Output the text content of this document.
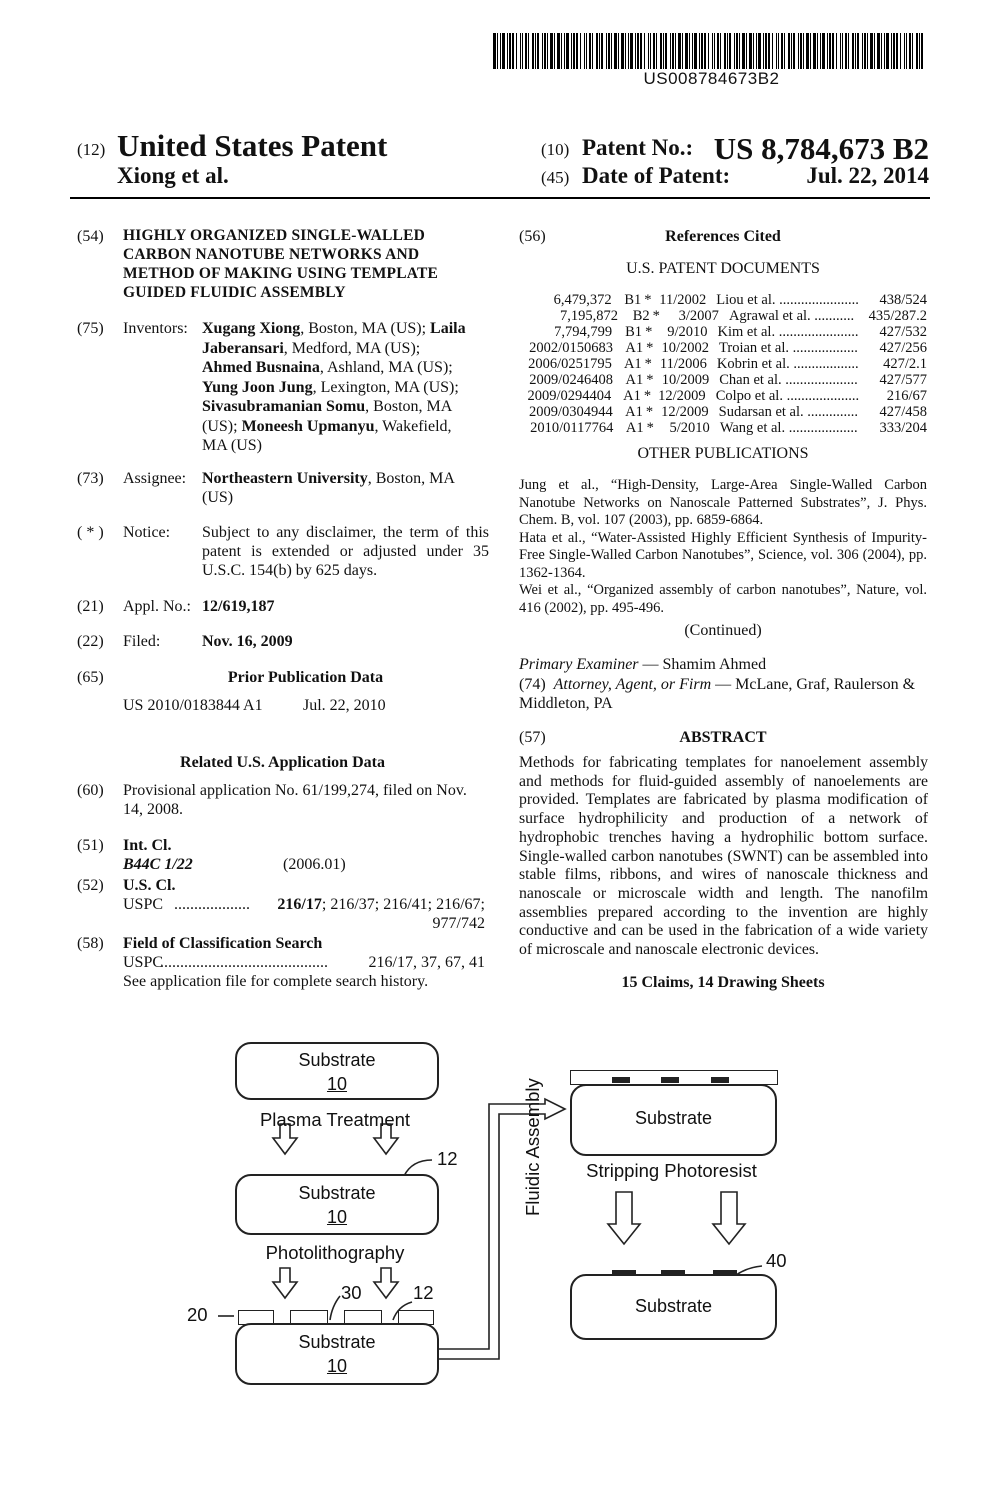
US008784673B2
(12) United States Patent
Xiong et al.
(10) Patent No.: US 8,784,673 B2
(45) Date of Patent:	Jul. 22, 2014
(54) HIGHLY ORGANIZED SINGLE-WALLED
CARBON NANOTUBE NETWORKS AND
METHOD OF MAKING USING TEMPLATE
GUIDED FLUIDIC ASSEMBLY
(75) Inventors: Xugang Xiong, Boston, MA (US); Laila
Jaberansari, Medford, MA (US);
Ahmed Busnaina, Ashland, MA (US);
Yung Joon Jung, Lexington, MA (US);
Sivasubramanian Somu, Boston, MA
(US); Moneesh Upmanyu, Wakefield,
MA (US)
(73) Assignee: Northeastern University, Boston, MA
(US)
( * ) Notice: Subject to any disclaimer, the term of this
patent is extended or adjusted under 35
U.S.C. 154(b) by 625 days.
(21) Appl. No.: 12/619,187
(22) Filed:	Nov. 16, 2009
(65)	Prior Publication Data
US 2010/0183844 A1	Jul. 22, 2010
Related U.S. Application Data
(60) Provisional application No. 61/199,274, filed on Nov.
14, 2008.
(51) Int. Cl.
B44C 1/22	(2006.01)
(52) U.S. Cl.
USPC ...................	216/17; 216/37; 216/41; 216/67;
977/742
(58) Field of Classification Search
USPC
..........................................	216/17, 37, 67, 41
See application file for complete search history.
(56)	References Cited
U.S. PATENT DOCUMENTS
6,479,372 B1 * 11/2002 Liou et al. ......................	438/524
7,195,872	B2 *	3/2007 Agrawal et al. ........... 435/287.2
7,794,799 B1 *	9/2010 Kim et al. ......................	427/532
2002/0150683 A1 * 10/2002 Troian et al. ..................	427/256
2006/0251795 A1 * 11/2006 Kobrin et al. ..................	427/2.1
2009/0246408 A1 * 10/2009 Chan et al. ....................	427/577
2009/0294404 A1 * 12/2009 Colpo et al. ....................	216/67
2009/0304944 A1 * 12/2009 Sudarsan et al. ..............	427/458
2010/0117764 A1 *	5/2010 Wang et al. ...................	333/204
OTHER PUBLICATIONS
Jung et al., “High-Density, Large-Area Single-Walled Carbon Nanotube Networks on Nanoscale Patterned Substrates”, J. Phys. Chem. B, vol. 107 (2003), pp. 6859-6864.
Hata et al., “Water-Assisted Highly Efficient Synthesis of Impurity-Free Single-Walled Carbon Nanotubes”, Science, vol. 306 (2004), pp. 1362-1364.
Wei et al., “Organized assembly of carbon nanotubes”, Nature, vol. 416 (2002), pp. 495-496.
(Continued)
Primary Examiner — Shamim Ahmed
(74) Attorney, Agent, or Firm — McLane, Graf, Raulerson &
Middleton, PA
(57)	ABSTRACT
Methods for fabricating templates for nanoelement assembly and methods for fluid-guided assembly of nanoelements are provided. Templates are fabricated by plasma modification of surface hydrophilicity and production of a network of hydrophobic trenches having a hydrophilic bottom surface. Single-walled carbon nanotubes (SWNT) can be assembled into stable films, ribbons, and wires of nanoscale thickness and nanoscale or microscale width and length. The nanofilm assemblies prepared according to the invention are highly conductive and can be used in the fabrication of a wide variety of microscale and nanoscale electronic devices.
15 Claims, 14 Drawing Sheets
Substrate
10
Plasma Treatment
Substrate
10
12
Photolithography
Substrate
10
20
30	12
Fluidic Assembly	Substrate
Stripping Photoresist
Substrate
40
